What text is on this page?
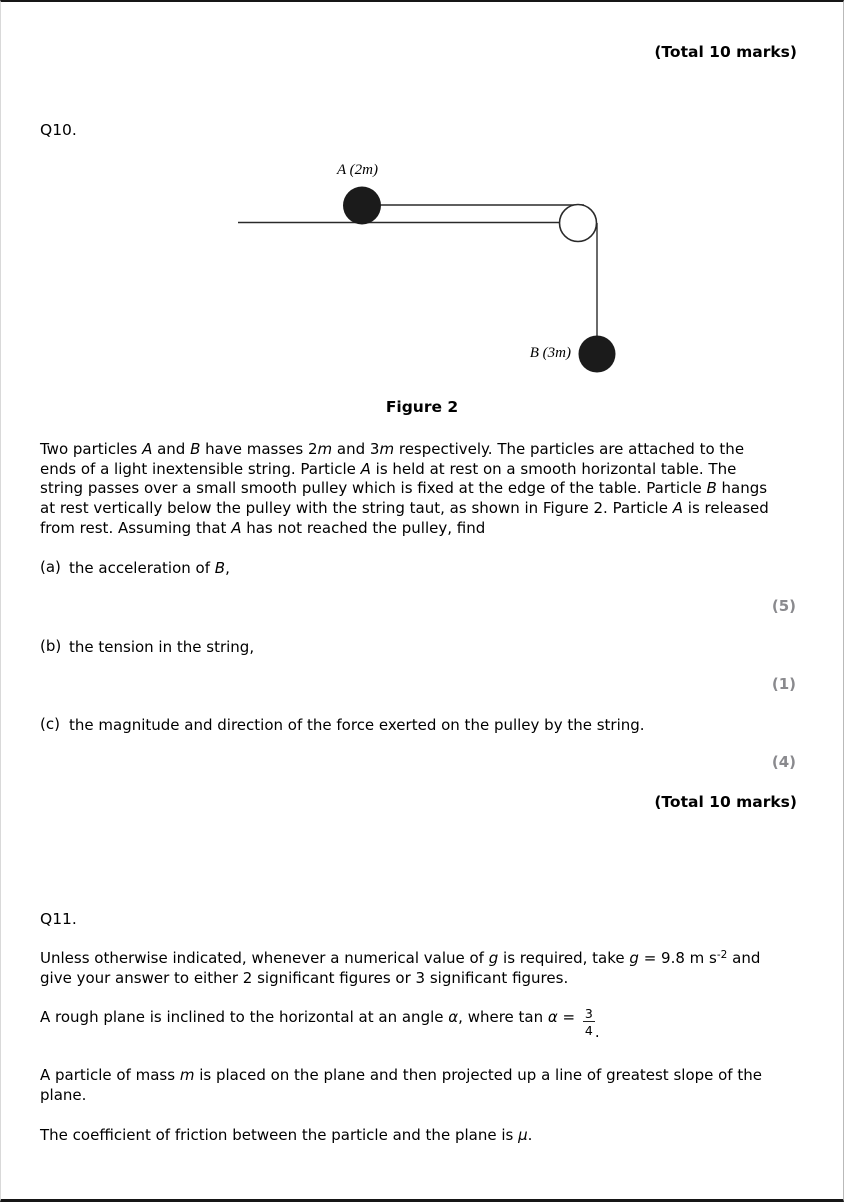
(Total 10 marks)
Q10.
A (2m)
B (3m)
Figure 2
Two particles A and B have masses 2m and 3m respectively. The particles are attached to the
ends of a light inextensible string. Particle A is held at rest on a smooth horizontal table. The
string passes over a small smooth pulley which is fixed at the edge of the table. Particle B hangs
at rest vertically below the pulley with the string taut, as shown in Figure 2. Particle A is released
from rest. Assuming that A has not reached the pulley, find
(a) the acceleration of B,
(5)
(b) the tension in the string,
(1)
(c) the magnitude and direction of the force exerted on the pulley by the string.
(4)
(Total 10 marks)
Q11.
Unless otherwise indicated, whenever a numerical value of g is required, take g = 9.8 m $s^{-2}$ and
give your answer to either 2 significant figures or 3 significant figures.
A rough plane is inclined to the horizontal at an angle α, where $\tan \alpha = \frac{3}{4}$ .
A particle of mass m is placed on the plane and then projected up a line of greatest slope of the
plane.
The coefficient of friction between the particle and the plane is μ.
